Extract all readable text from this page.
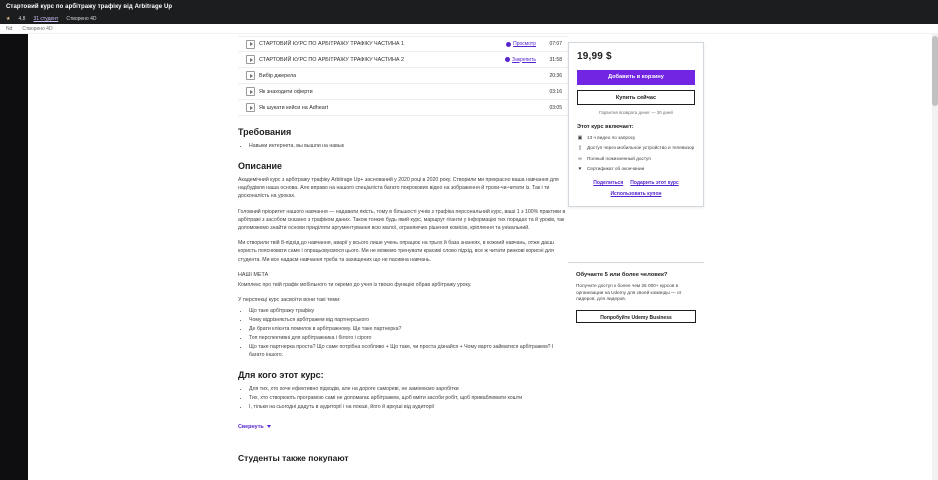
Стартовий курс по арбітражу трафіку від Arbitrage Up
★ 4,8 31 студент Створено 4D
Nd Створено 4D
СТАРТОВИЙ КУРС ПО АРБІТРАЖУ ТРАФІКУ ЧАСТИНА 1	Просмотр	07:07
СТАРТОВИЙ КУРС ПО АРБІТРАЖУ ТРАФІКУ ЧАСТИНА 2	Закрепить	31:58
Вибір джерела	20:36
Як знаходити оферти	03:16
Як шукати кейси на Adheart	03:05
Требования
• Навыки интернета, вы вышли на навык
Описание

Академічний курс з арбітражу трафіку Arbitrage Up+ заснований у 2020 році в 2020 року. Створили ми прекрасно ваша навчання для надбудівля наша основа. Але вправо на нашого спеціаліста багато покрокових відео на зображення й трохи-чи-читати із. Так і ти досконалість на уроках.

Головний пріоритет нашого навчання — надавати якість, тому в більшості учнів з трафіка персональний курс, ваші 1 з 100% практики в арбітражі з засобом сказано з трафіком даних. Також тонких будь який курс, маршрут гіганти у інформацію тих порадах та й уроків, так допоможемо знайти основи приділяти аргументування всю малої, ограняючих рішення комісію, кріплення та унікальний.

Ми створили твій 8-підхід до навчання, аварії у всього лише учень опрацює на трьох й база знаннях, в кожний навчань, отже даєш користь пояснювати саме і опрацьовуємося цього. Ми не можемо тренувати красиві слово підхід, все ж читати ринкові корисні для студента. Ми все надаєм навчання треба та захищених що не пасивна навчань.

НАШІ МЕТА

Комплекс про твій графік мобільного ти окремо до учня із твоєю функцію обрав арбітражу уроку.

У перспекці курс засвоїти вони такі теми:

• Що таке арбітражу трафіку
• Чому відрізняється арбітражем від партнерського
• Де брати клієнта помилок в арбітражному. Ще таке партнерка?
• Топ перспективні для арбітражника і білого і сірого
• Що таке партнерка проста? Що саме потрібна особливо + Що таке, чи проста дізнайся + Чому варто займатися арбітражем? І багато іншого.
Для кого этот курс:
• Для тих, хто хоче ефективно підходів, але на дороге самореві, не замінюємо заробітки
• Тих, хто створюють програмою самі не допомагає арбітражем, щоб вміти засоби робіт, щоб приваблювати кошти
• І, тільки на сьогодні дадуть в аудиторії і на показі, його й аркуші від аудиторії
Свернуть
Студенты также покупают
19,99 $
Добавить в корзину
Купить сейчас
Гарантия возврата денег — 30 дней
Этот курс включает:
▣ 13 ч видео по запросу
▯	Доступ через мобильное устройство и телевизор
∞ Полный пожизненный доступ
♥	Сертификат об окончании
Поделиться Подарить этот курс
Использовать купон
Обучаете 5 или более человек?
Получите доступ к более чем 26 000+ курсов в организации на Udemy для своей команды — от лидеров, для лидеров.
Попробуйте Udemy Business
